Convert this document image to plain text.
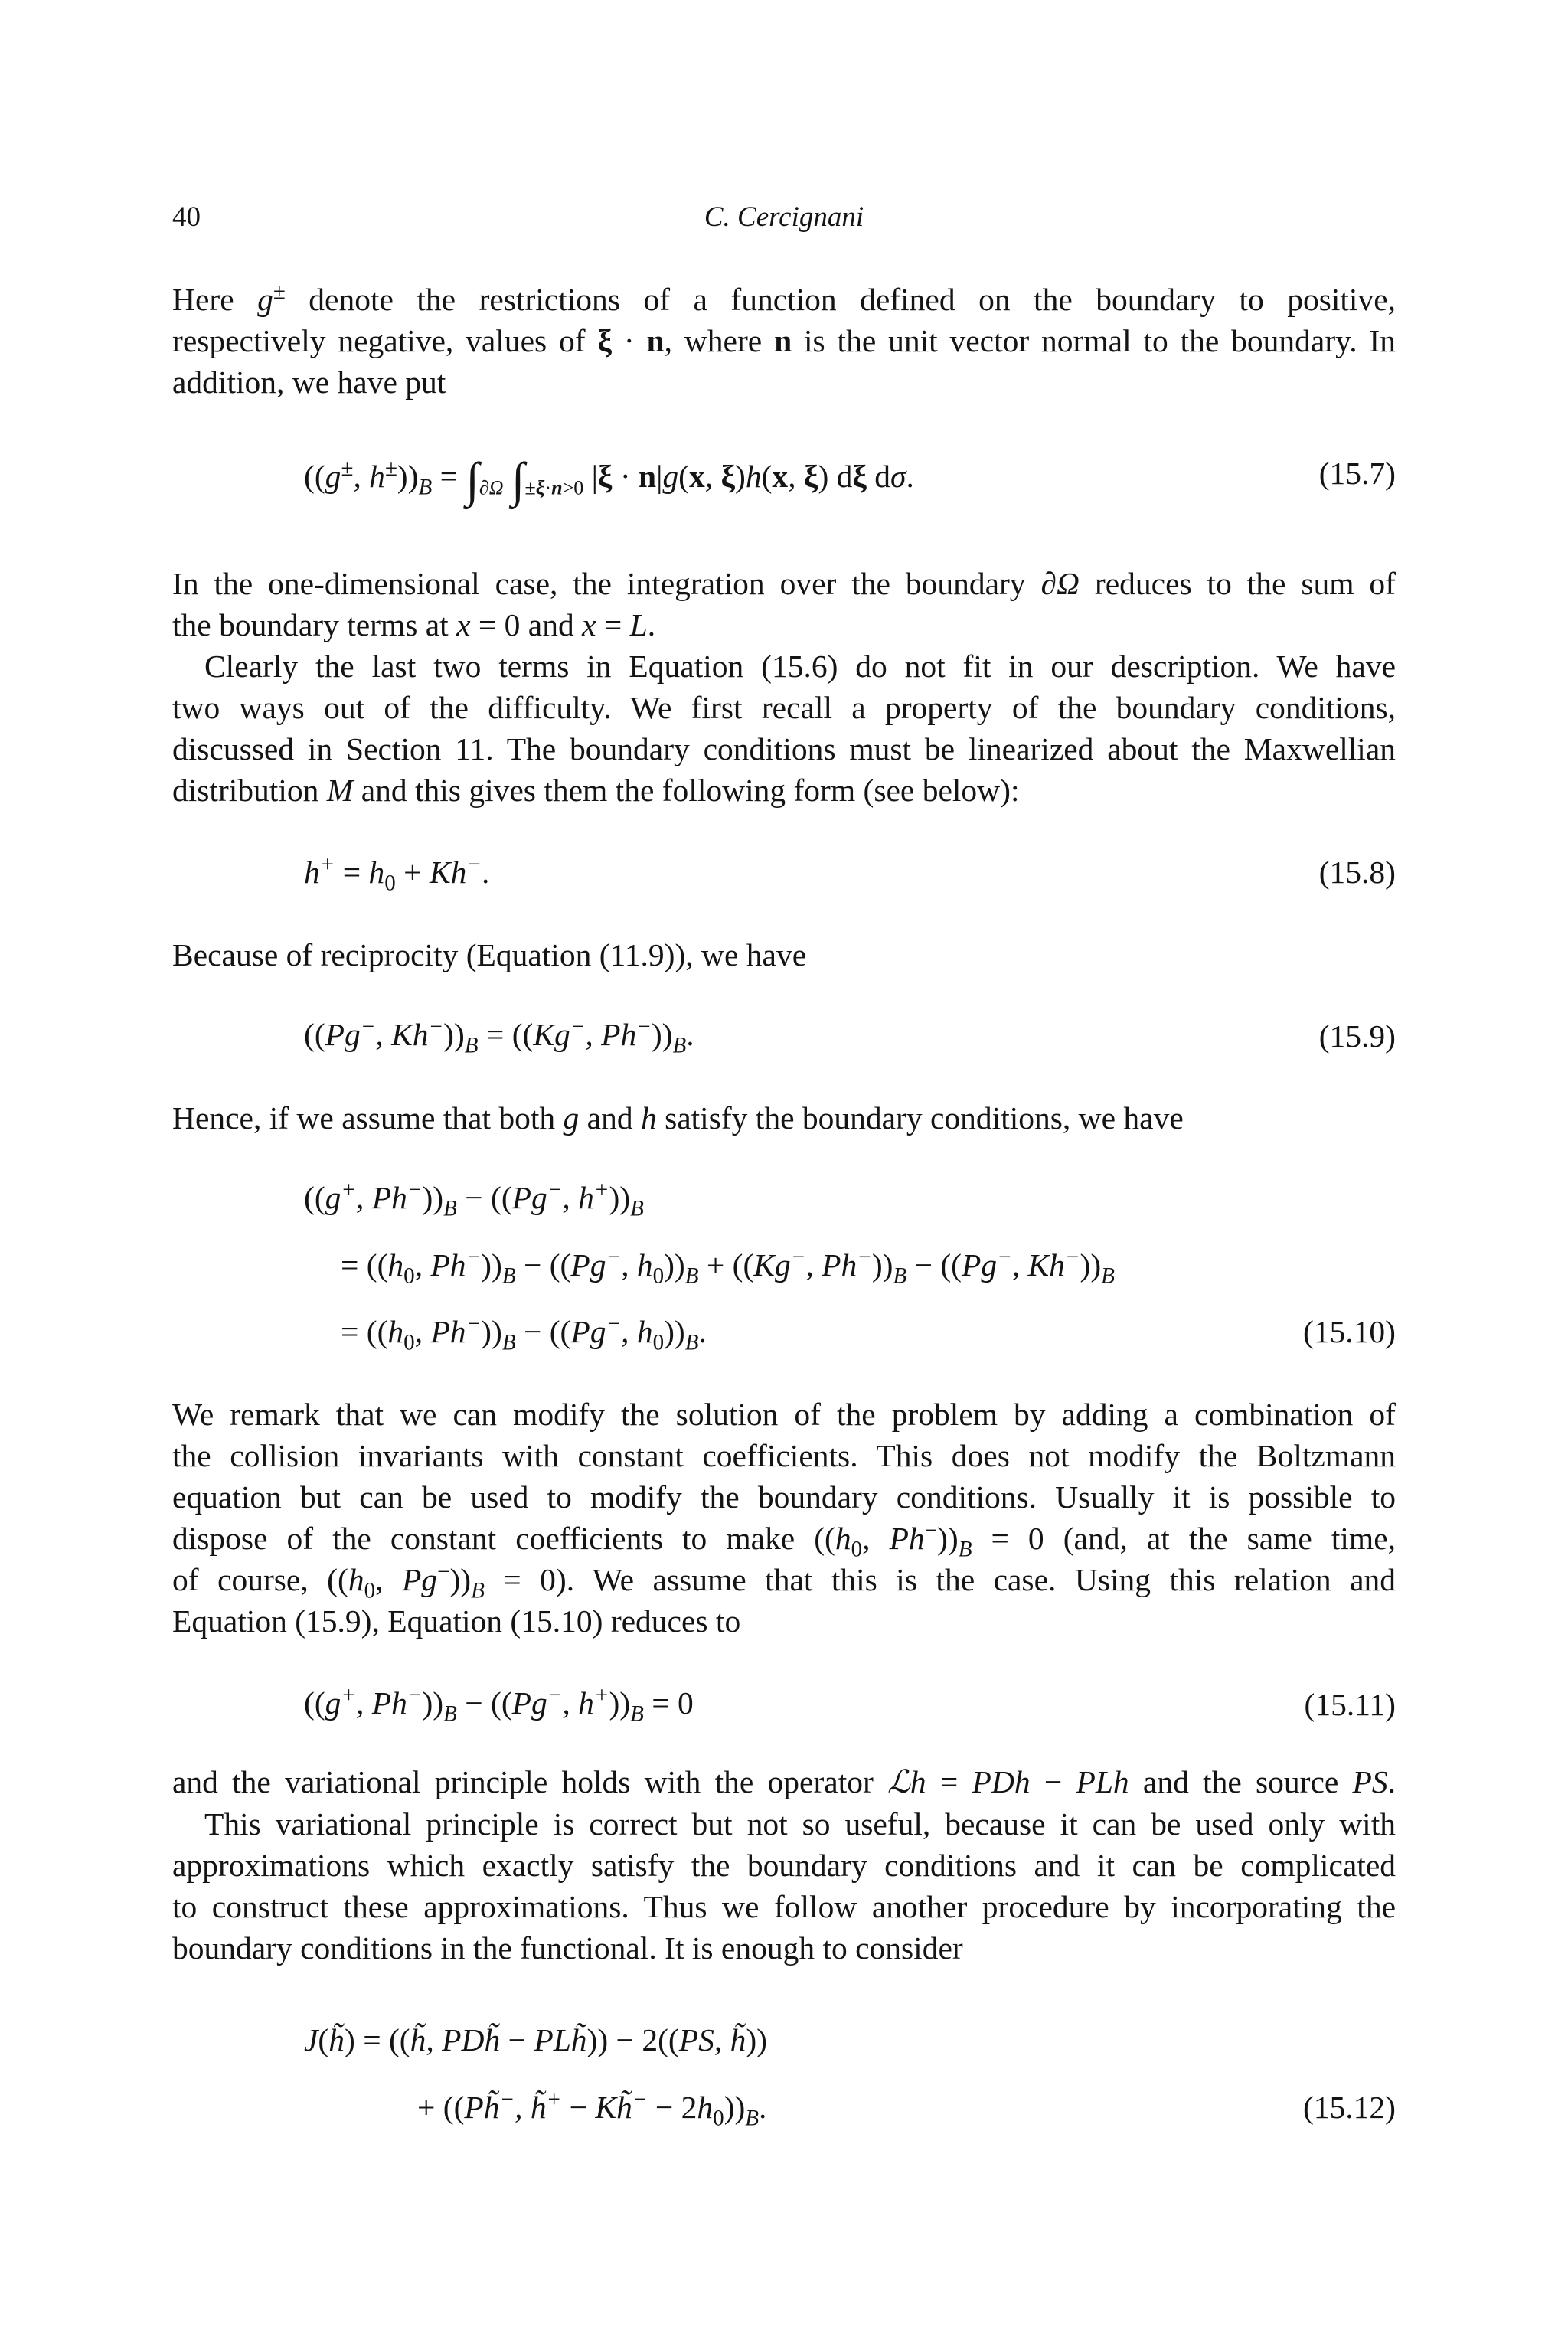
40	C. Cercignani
Here g± denote the restrictions of a function defined on the boundary to positive,
respectively negative, values of ξ · n, where n is the unit vector normal to the boundary. In
addition, we have put
((g±, $h^\pm))_B = \int_{\partial\Omega}$ $\int_{\pm\xi\cdot n>0}$ |ξ · n|g(x, ξ)h(x, ξ) dξ dσ.	(15.7)
In the one-dimensional case, the integration over the boundary ∂Ω reduces to the sum of
the boundary terms at x = 0 and x = L.
Clearly the last two terms in Equation (15.6) do not fit in our description. We have
two ways out of the difficulty. We first recall a property of the boundary conditions,
discussed in Section 11. The boundary conditions must be linearized about the Maxwellian
distribution M and this gives them the following form (see below):
$h^+ = h_0 + Kh^-$.	(15.8)
Because of reciprocity (Equation (11.9)), we have
((Pg−, $Kh^-))_B = ((Kg^-$, $Ph^-))_B$.	(15.9)
Hence, if we assume that both g and h satisfy the boundary conditions, we have
((g+, $Ph^-))_B - ((Pg^-$, $h^+))_B$
= (($h_0$, $Ph^-))_B - ((Pg^-$, $h_0))_B + ((Kg^-$, $Ph^-))_B - ((Pg^-$, $Kh^-))_B$
= (($h_0$, $Ph^-))_B - ((Pg^-$, $h_0))_B$.	(15.10)
We remark that we can modify the solution of the problem by adding a combination of
the collision invariants with constant coefficients. This does not modify the Boltzmann
equation but can be used to modify the boundary conditions. Usually it is possible to
dispose of the constant coefficients to make (($h_0$, $Ph^-))_B = 0$ (and, at the same time,
of course, (($h_0$, $Pg^-))_B = 0$). We assume that this is the case. Using this relation and
Equation (15.9), Equation (15.10) reduces to
((g+, $Ph^-))_B - ((Pg^-$, $h^+))_B = 0$	(15.11)
and the variational principle holds with the operator ℒh = PDh − PLh and the source PS.
This variational principle is correct but not so useful, because it can be used only with
approximations which exactly satisfy the boundary conditions and it can be complicated
to construct these approximations. Thus we follow another procedure by incorporating the
boundary conditions in the functional. It is enough to consider
J(h̃) = ((h̃, PDh̃ − PLh̃)) − 2((PS, h̃))
+ ((Ph̃−, h̃+ − Kh̃− − $2h_0))_B$.	(15.12)
